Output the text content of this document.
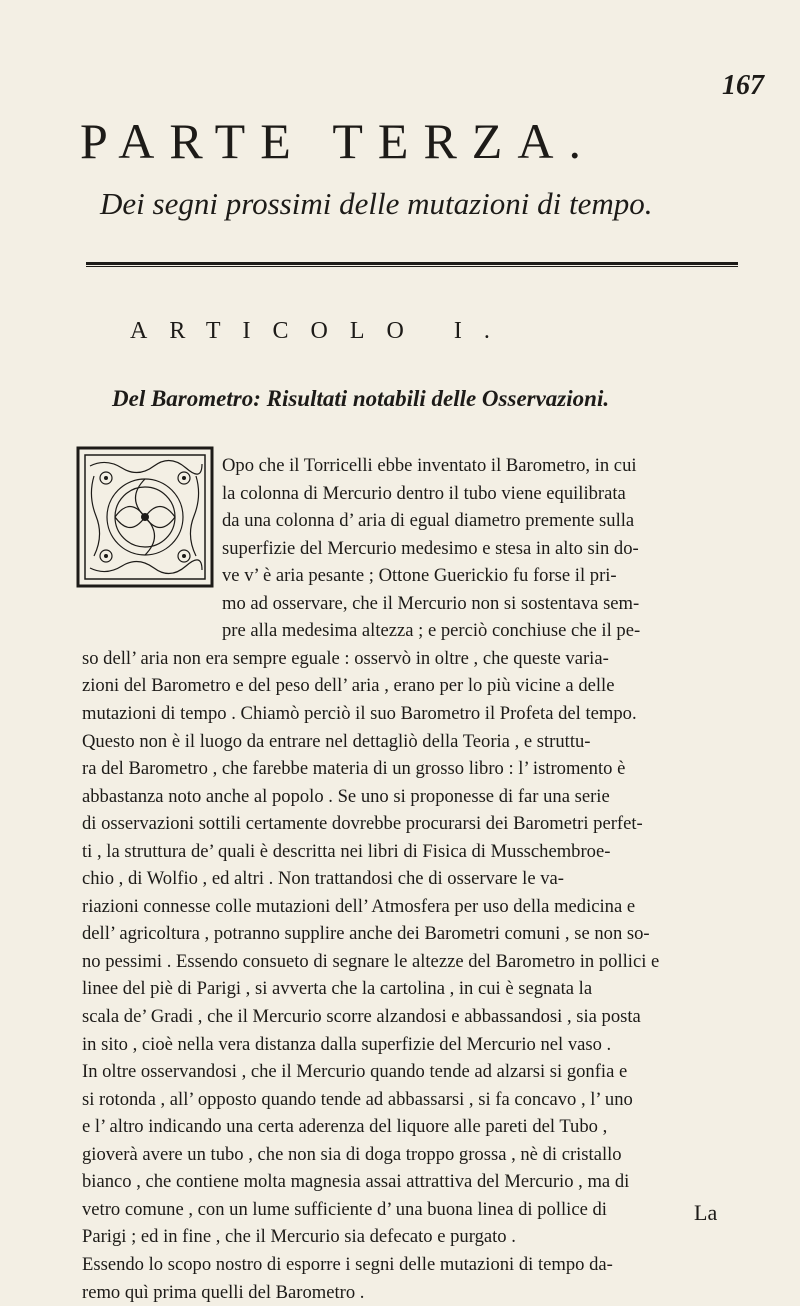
167
PARTE TERZA.
Dei segni prossimi delle mutazioni di tempo.
ARTICOLO I.
Del Barometro: Risultati notabili delle Osservazioni.
Opo che il Torricelli ebbe inventato il Barometro, in cui
la colonna di Mercurio dentro il tubo viene equilibrata
da una colonna d’ aria di egual diametro premente sulla
superfizie del Mercurio medesimo e stesa in alto sin do-
ve v’ è aria pesante ; Ottone Guerickio fu forse il pri-
mo ad osservare, che il Mercurio non si sostentava sem-
pre alla medesima altezza ; e perciò conchiuse che il pe-
so dell’ aria non era sempre eguale : osservò in oltre , che queste varia-
zioni del Barometro e del peso dell’ aria , erano per lo più vicine a delle
mutazioni di tempo . Chiamò perciò il suo Barometro il Profeta del tempo.
Questo non è il luogo da entrare nel dettagliò della Teoria , e struttu-
ra del Barometro , che farebbe materia di un grosso libro : l’ istromento è
abbastanza noto anche al popolo . Se uno si proponesse di far una serie
di osservazioni sottili certamente dovrebbe procurarsi dei Barometri perfet-
ti , la struttura de’ quali è descritta nei libri di Fisica di Musschembroe-
chio , di Wolfio , ed altri . Non trattandosi che di osservare le va-
riazioni connesse colle mutazioni dell’ Atmosfera per uso della medicina e
dell’ agricoltura , potranno supplire anche dei Barometri comuni , se non so-
no pessimi . Essendo consueto di segnare le altezze del Barometro in pollici e
linee del piè di Parigi , si avverta che la cartolina , in cui è segnata la
scala de’ Gradi , che il Mercurio scorre alzandosi e abbassandosi , sia posta
in sito , cioè nella vera distanza dalla superfizie del Mercurio nel vaso .
In oltre osservandosi , che il Mercurio quando tende ad alzarsi si gonfia e
si rotonda , all’ opposto quando tende ad abbassarsi , si fa concavo , l’ uno
e l’ altro indicando una certa aderenza del liquore alle pareti del Tubo ,
gioverà avere un tubo , che non sia di doga troppo grossa , nè di cristallo
bianco , che contiene molta magnesia assai attrattiva del Mercurio , ma di
vetro comune , con un lume sufficiente d’ una buona linea di pollice di
Parigi ; ed in fine , che il Mercurio sia defecato e purgato .
Essendo lo scopo nostro di esporre i segni delle mutazioni di tempo da-
remo quì prima quelli del Barometro .
La
